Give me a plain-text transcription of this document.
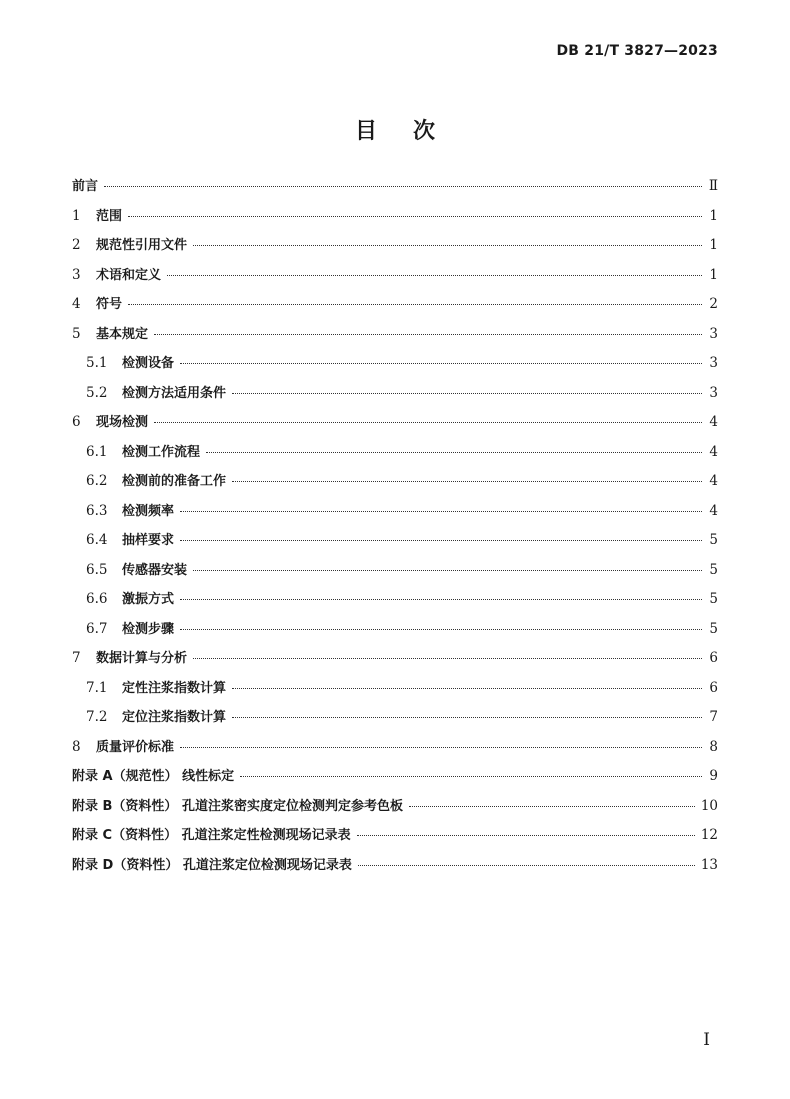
DB 21/T 3827—2023
目 次
前言	Ⅱ
1	范围	1
2	规范性引用文件	1
3	术语和定义	1
4	符号	2
5	基本规定	3
5.1	检测设备	3
5.2	检测方法适用条件	3
6	现场检测	4
6.1	检测工作流程	4
6.2	检测前的准备工作	4
6.3	检测频率	4
6.4	抽样要求	5
6.5	传感器安装	5
6.6	激振方式	5
6.7	检测步骤	5
7	数据计算与分析	6
7.1	定性注浆指数计算	6
7.2	定位注浆指数计算	7
8	质量评价标准	8
附录 A（规范性） 线性标定	9
附录 B（资料性） 孔道注浆密实度定位检测判定参考色板	10
附录 C（资料性） 孔道注浆定性检测现场记录表	12
附录 D（资料性） 孔道注浆定位检测现场记录表	13
I
